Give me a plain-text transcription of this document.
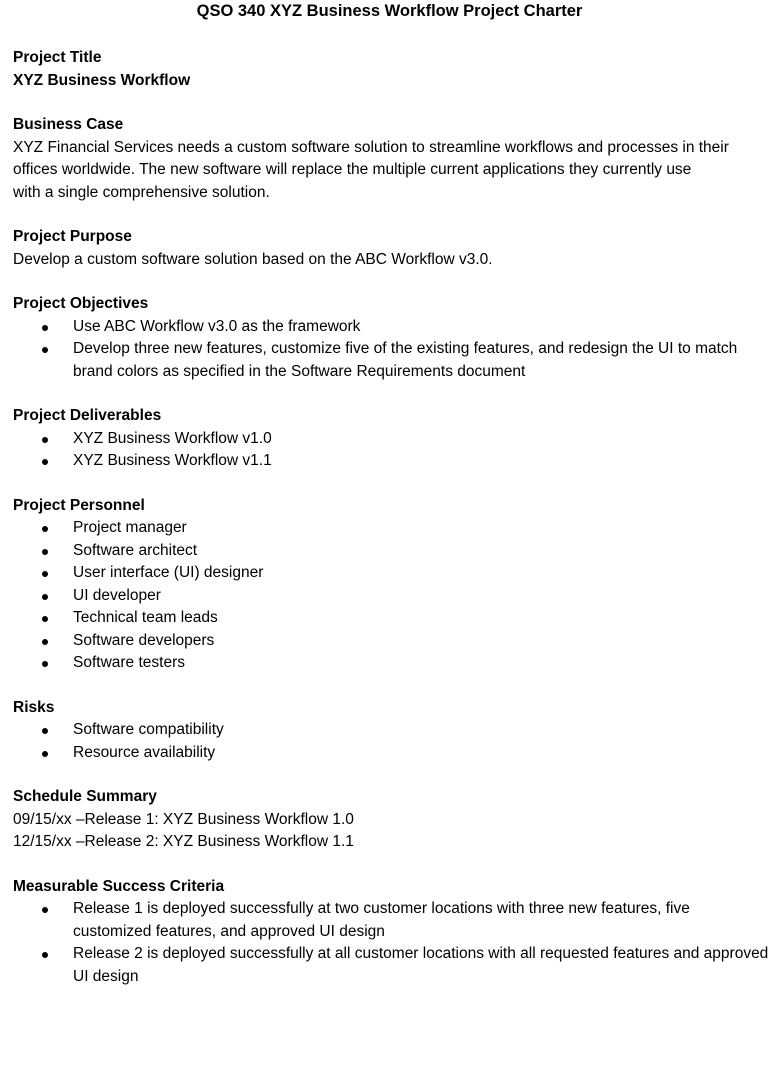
QSO 340 XYZ Business Workflow Project Charter
Project Title
XYZ Business Workflow
Business Case
XYZ Financial Services needs a custom software solution to streamline workflows and processes in their
offices worldwide. The new software will replace the multiple current applications they currently use
with a single comprehensive solution.
Project Purpose
Develop a custom software solution based on the ABC Workflow v3.0.
Project Objectives
Use ABC Workflow v3.0 as the framework
Develop three new features, customize five of the existing features, and redesign the UI to match brand colors as specified in the Software Requirements document
Project Deliverables
XYZ Business Workflow v1.0
XYZ Business Workflow v1.1
Project Personnel
Project manager
Software architect
User interface (UI) designer
UI developer
Technical team leads
Software developers
Software testers
Risks
Software compatibility
Resource availability
Schedule Summary
09/15/xx –Release 1: XYZ Business Workflow 1.0
12/15/xx –Release 2: XYZ Business Workflow 1.1
Measurable Success Criteria
Release 1 is deployed successfully at two customer locations with three new features, five customized features, and approved UI design
Release 2 is deployed successfully at all customer locations with all requested features and approved UI design
